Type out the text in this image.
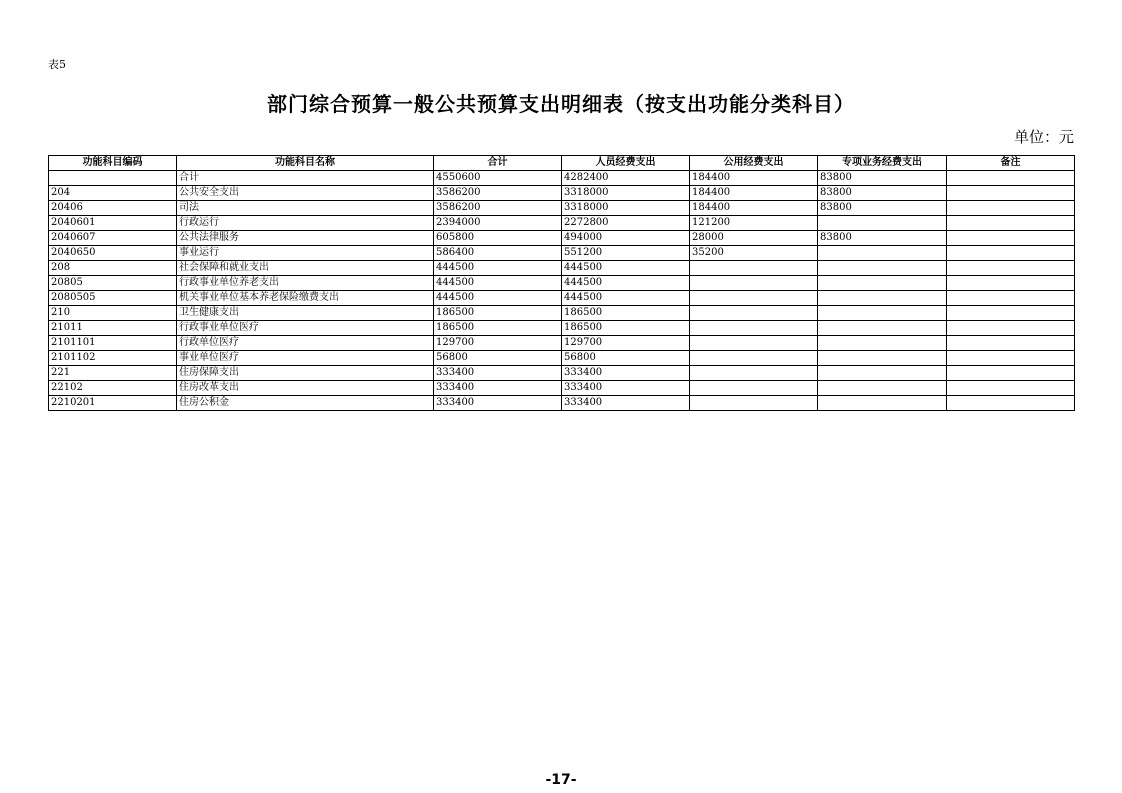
表5
部门综合预算一般公共预算支出明细表（按支出功能分类科目）
单位：元
功能科目编码	功能科目名称	合计	人员经费支出	公用经费支出	专项业务经费支出	备注
	合计	4550600	4282400	184400	83800	
204	公共安全支出	3586200	3318000	184400	83800	
20406	司法	3586200	3318000	184400	83800	
2040601	行政运行	2394000	2272800	121200		
2040607	公共法律服务	605800	494000	28000	83800	
2040650	事业运行	586400	551200	35200		
208	社会保障和就业支出	444500	444500			
20805	行政事业单位养老支出	444500	444500			
2080505	机关事业单位基本养老保险缴费支出	444500	444500			
210	卫生健康支出	186500	186500			
21011	行政事业单位医疗	186500	186500			
2101101	行政单位医疗	129700	129700			
2101102	事业单位医疗	56800	56800			
221	住房保障支出	333400	333400			
22102	住房改革支出	333400	333400			
2210201	住房公积金	333400	333400			
-17-
